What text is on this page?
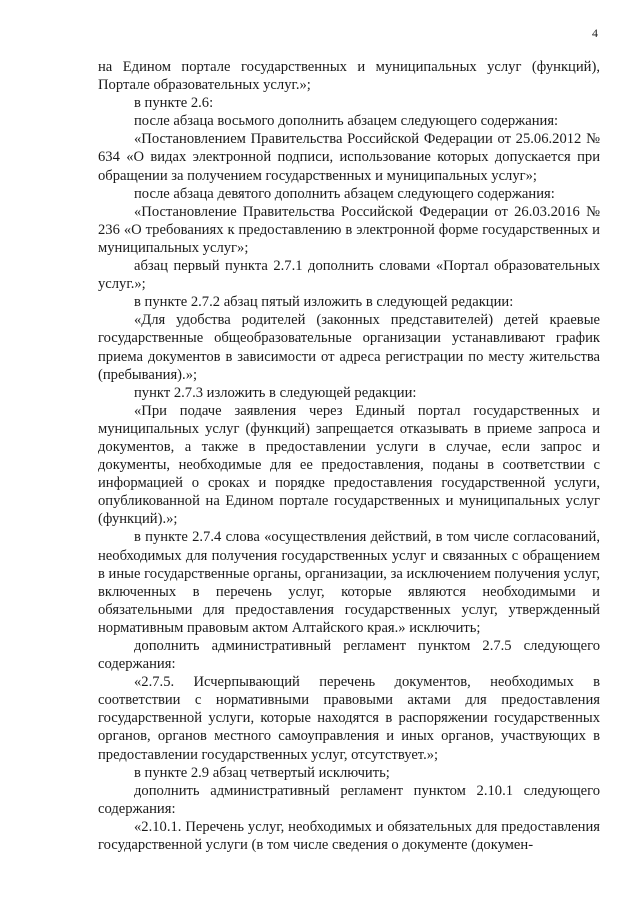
4

на Едином портале государственных и муниципальных услуг (функций), Портале образовательных услуг.»;

в пункте 2.6:

после абзаца восьмого дополнить абзацем следующего содержания:

«Постановлением Правительства Российской Федерации от 25.06.2012 № 634 «О видах электронной подписи, использование которых допускается при обращении за получением государственных и муниципальных услуг»;

после абзаца девятого дополнить абзацем следующего содержания:

«Постановление Правительства Российской Федерации от 26.03.2016 № 236 «О требованиях к предоставлению в электронной форме государственных и муниципальных услуг»;

абзац первый пункта 2.7.1 дополнить словами «Портал образовательных услуг.»;

в пункте 2.7.2 абзац пятый изложить в следующей редакции:

«Для удобства родителей (законных представителей) детей краевые государственные общеобразовательные организации устанавливают график приема документов в зависимости от адреса регистрации по месту жительства (пребывания).»;

пункт 2.7.3 изложить в следующей редакции:

«При подаче заявления через Единый портал государственных и муниципальных услуг (функций) запрещается отказывать в приеме запроса и документов, а также в предоставлении услуги в случае, если запрос и документы, необходимые для ее предоставления, поданы в соответствии с информацией о сроках и порядке предоставления государственной услуги, опубликованной на Едином портале государственных и муниципальных услуг (функций).»;

в пункте 2.7.4 слова «осуществления действий, в том числе согласований, необходимых для получения государственных услуг и связанных с обращением в иные государственные органы, организации, за исключением получения услуг, включенных в перечень услуг, которые являются необходимыми и обязательными для предоставления государственных услуг, утвержденный нормативным правовым актом Алтайского края.» исключить;

дополнить административный регламент пунктом 2.7.5 следующего содержания:

«2.7.5. Исчерпывающий перечень документов, необходимых в соответствии с нормативными правовыми актами для предоставления государственной услуги, которые находятся в распоряжении государственных органов, органов местного самоуправления и иных органов, участвующих в предоставлении государственных услуг, отсутствует.»;

в пункте 2.9 абзац четвертый исключить;

дополнить административный регламент пунктом 2.10.1 следующего содержания:

«2.10.1. Перечень услуг, необходимых и обязательных для предоставления государственной услуги (в том числе сведения о документе (докумен-
